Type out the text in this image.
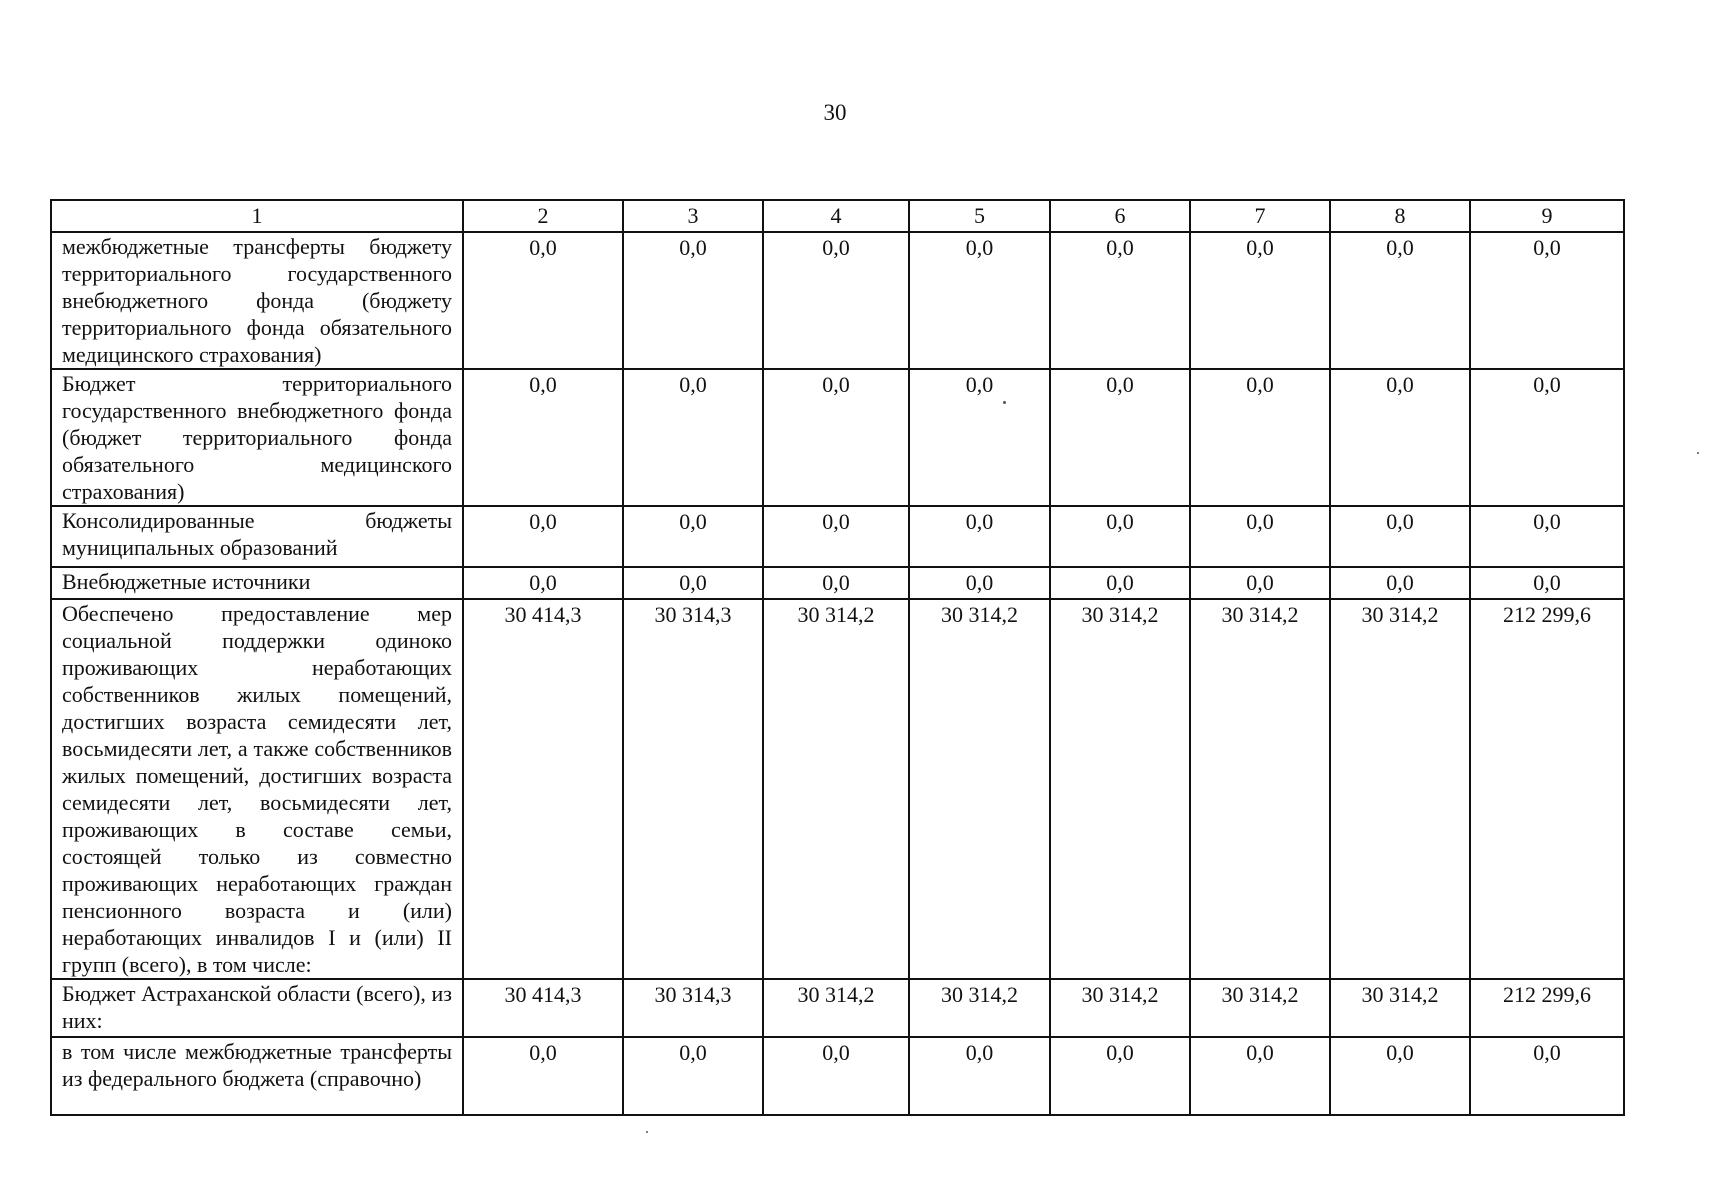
30
1	2	3	4	5	6	7	8	9
межбюджетные трансферты бюджету территориального государственного внебюджетного фонда (бюджету территориального фонда обязательного медицинского страхования)	0,0	0,0	0,0	0,0	0,0	0,0	0,0	0,0
Бюджет территориального государственного внебюджетного фонда (бюджет территориального фонда обязательного медицинского страхования)	0,0	0,0	0,0	0,0	0,0	0,0	0,0	0,0
Консолидированные бюджеты муниципальных образований	0,0	0,0	0,0	0,0	0,0	0,0	0,0	0,0
Внебюджетные источники	0,0	0,0	0,0	0,0	0,0	0,0	0,0	0,0
Обеспечено предоставление мер социальной поддержки одиноко проживающих неработающих собственников жилых помещений, достигших возраста семидесяти лет, восьмидесяти лет, а также собственников жилых помещений, достигших возраста семидесяти лет, восьмидесяти лет, проживающих в составе семьи, состоящей только из совместно проживающих неработающих граждан пенсионного возраста и (или) неработающих инвалидов I и (или) II групп (всего), в том числе:	30 414,3	30 314,3	30 314,2	30 314,2	30 314,2	30 314,2	30 314,2	212 299,6
Бюджет Астраханской области (всего), из них:	30 414,3	30 314,3	30 314,2	30 314,2	30 314,2	30 314,2	30 314,2	212 299,6
в том числе межбюджетные трансферты из федерального бюджета (справочно)	0,0	0,0	0,0	0,0	0,0	0,0	0,0	0,0
